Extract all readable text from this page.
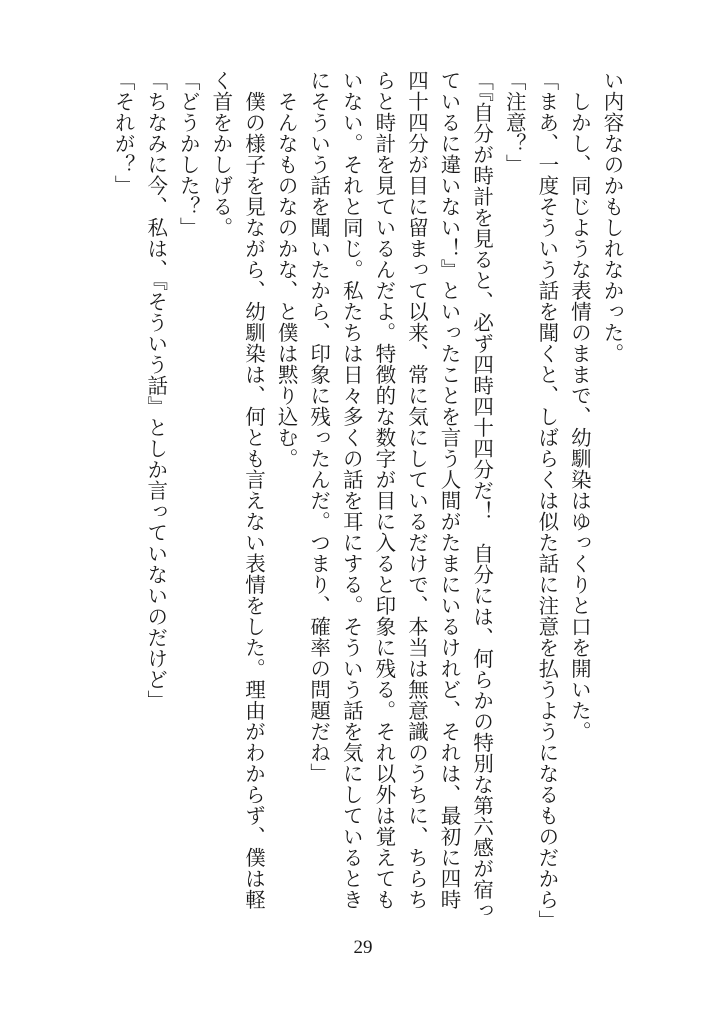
い内容なのかもしれなかった。
　しかし、同じような表情のままで、幼馴染はゆっくりと口を開いた。
「まあ、一度そういう話を聞くと、しばらくは似た話に注意を払うようになるものだから」
「注意？」
「『自分が時計を見ると、必ず四時四十四分だ！　自分には、何らかの特別な第六感が宿っ
ているに違いない！』といったことを言う人間がたまにいるけれど、それは、最初に四時
四十四分が目に留まって以来、常に気にしているだけで、本当は無意識のうちに、ちらち
らと時計を見ているんだよ。特徴的な数字が目に入ると印象に残る。それ以外は覚えても
いない。それと同じ。私たちは日々多くの話を耳にする。そういう話を気にしているとき
にそういう話を聞いたから、印象に残ったんだ。つまり、確率の問題だね」
　そんなものなのかな、と僕は黙り込む。
　僕の様子を見ながら、幼馴染は、何とも言えない表情をした。理由がわからず、僕は軽
く首をかしげる。
「どうかした？」
「ちなみに今、私は、『そういう話』としか言っていないのだけど」
「それが？」
29
